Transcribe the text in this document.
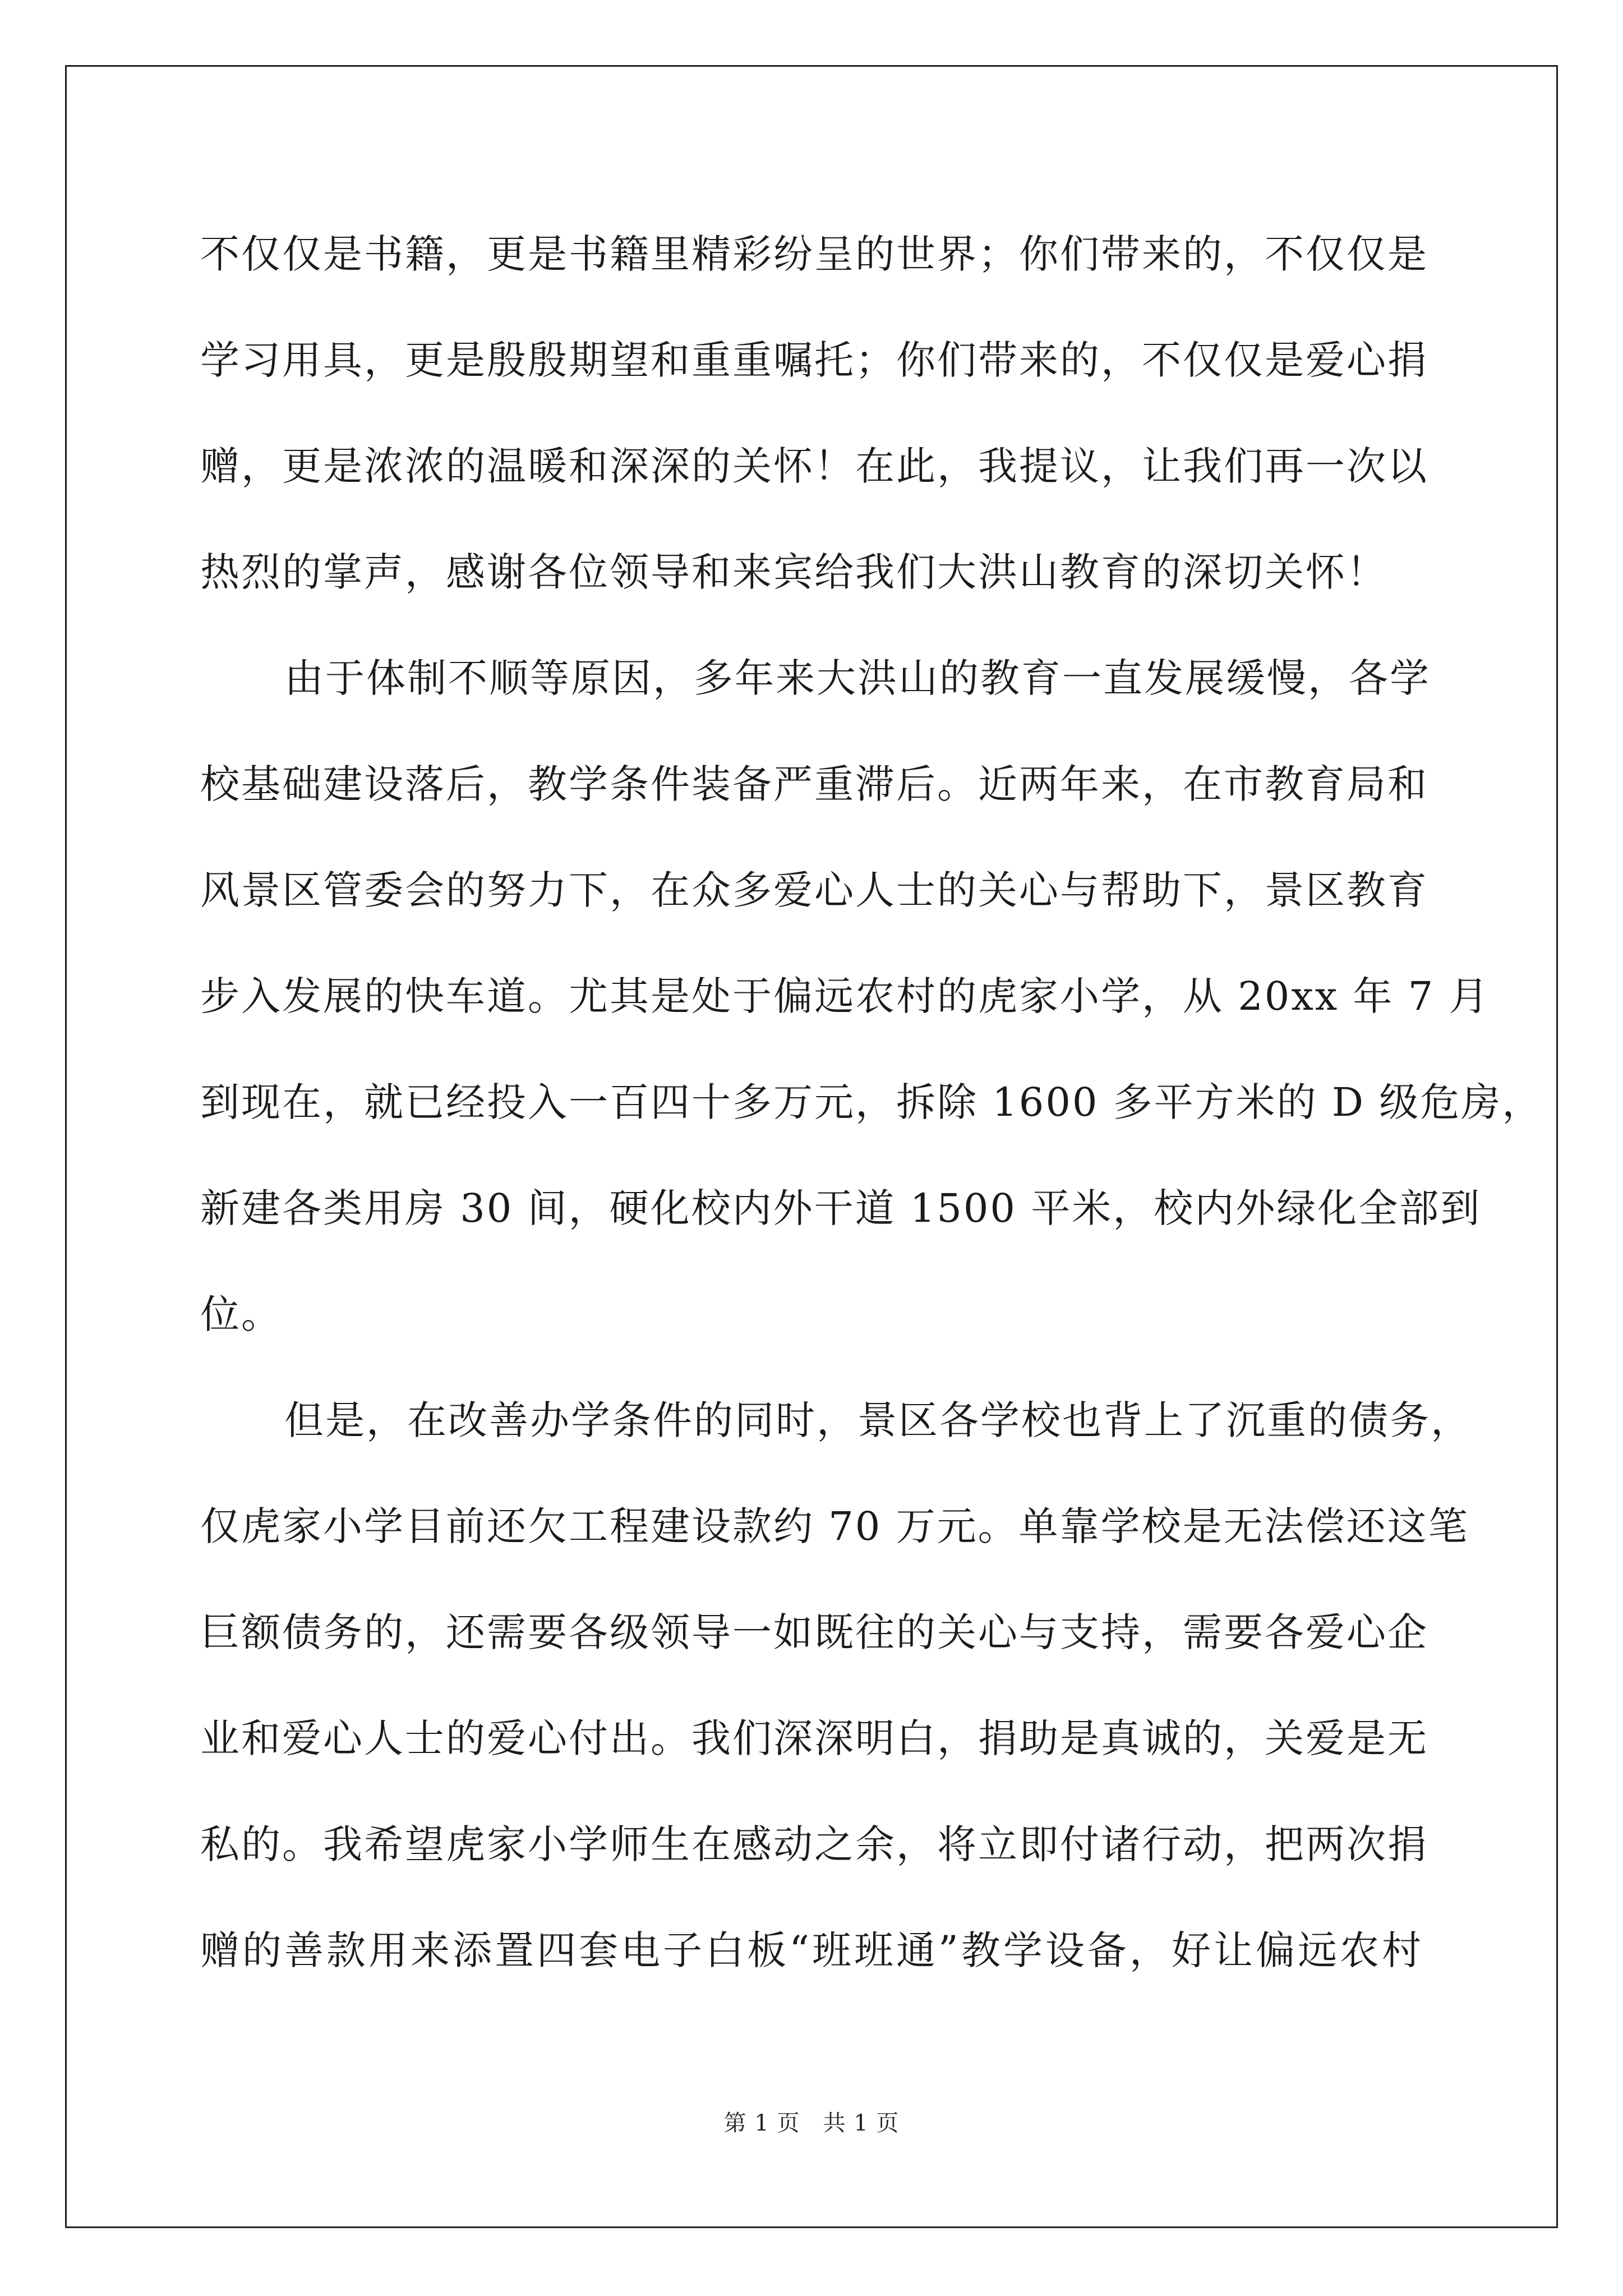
不仅仅是书籍，更是书籍里精彩纷呈的世界；你们带来的，不仅仅是
学习用具，更是殷殷期望和重重嘱托；你们带来的，不仅仅是爱心捐
赠，更是浓浓的温暖和深深的关怀！在此，我提议，让我们再一次以
热烈的掌声，感谢各位领导和来宾给我们大洪山教育的深切关怀！
由于体制不顺等原因，多年来大洪山的教育一直发展缓慢，各学
校基础建设落后，教学条件装备严重滞后。近两年来，在市教育局和
风景区管委会的努力下，在众多爱心人士的关心与帮助下，景区教育
步入发展的快车道。尤其是处于偏远农村的虎家小学，从 20xx 年 7 月
到现在，就已经投入一百四十多万元，拆除 1600 多平方米的 D 级危房，
新建各类用房 30 间，硬化校内外干道 1500 平米，校内外绿化全部到
位。
但是，在改善办学条件的同时，景区各学校也背上了沉重的债务，
仅虎家小学目前还欠工程建设款约 70 万元。单靠学校是无法偿还这笔
巨额债务的，还需要各级领导一如既往的关心与支持，需要各爱心企
业和爱心人士的爱心付出。我们深深明白，捐助是真诚的，关爱是无
私的。我希望虎家小学师生在感动之余，将立即付诸行动，把两次捐
赠的善款用来添置四套电子白板“班班通”教学设备，好让偏远农村
第 1 页　共 1 页
